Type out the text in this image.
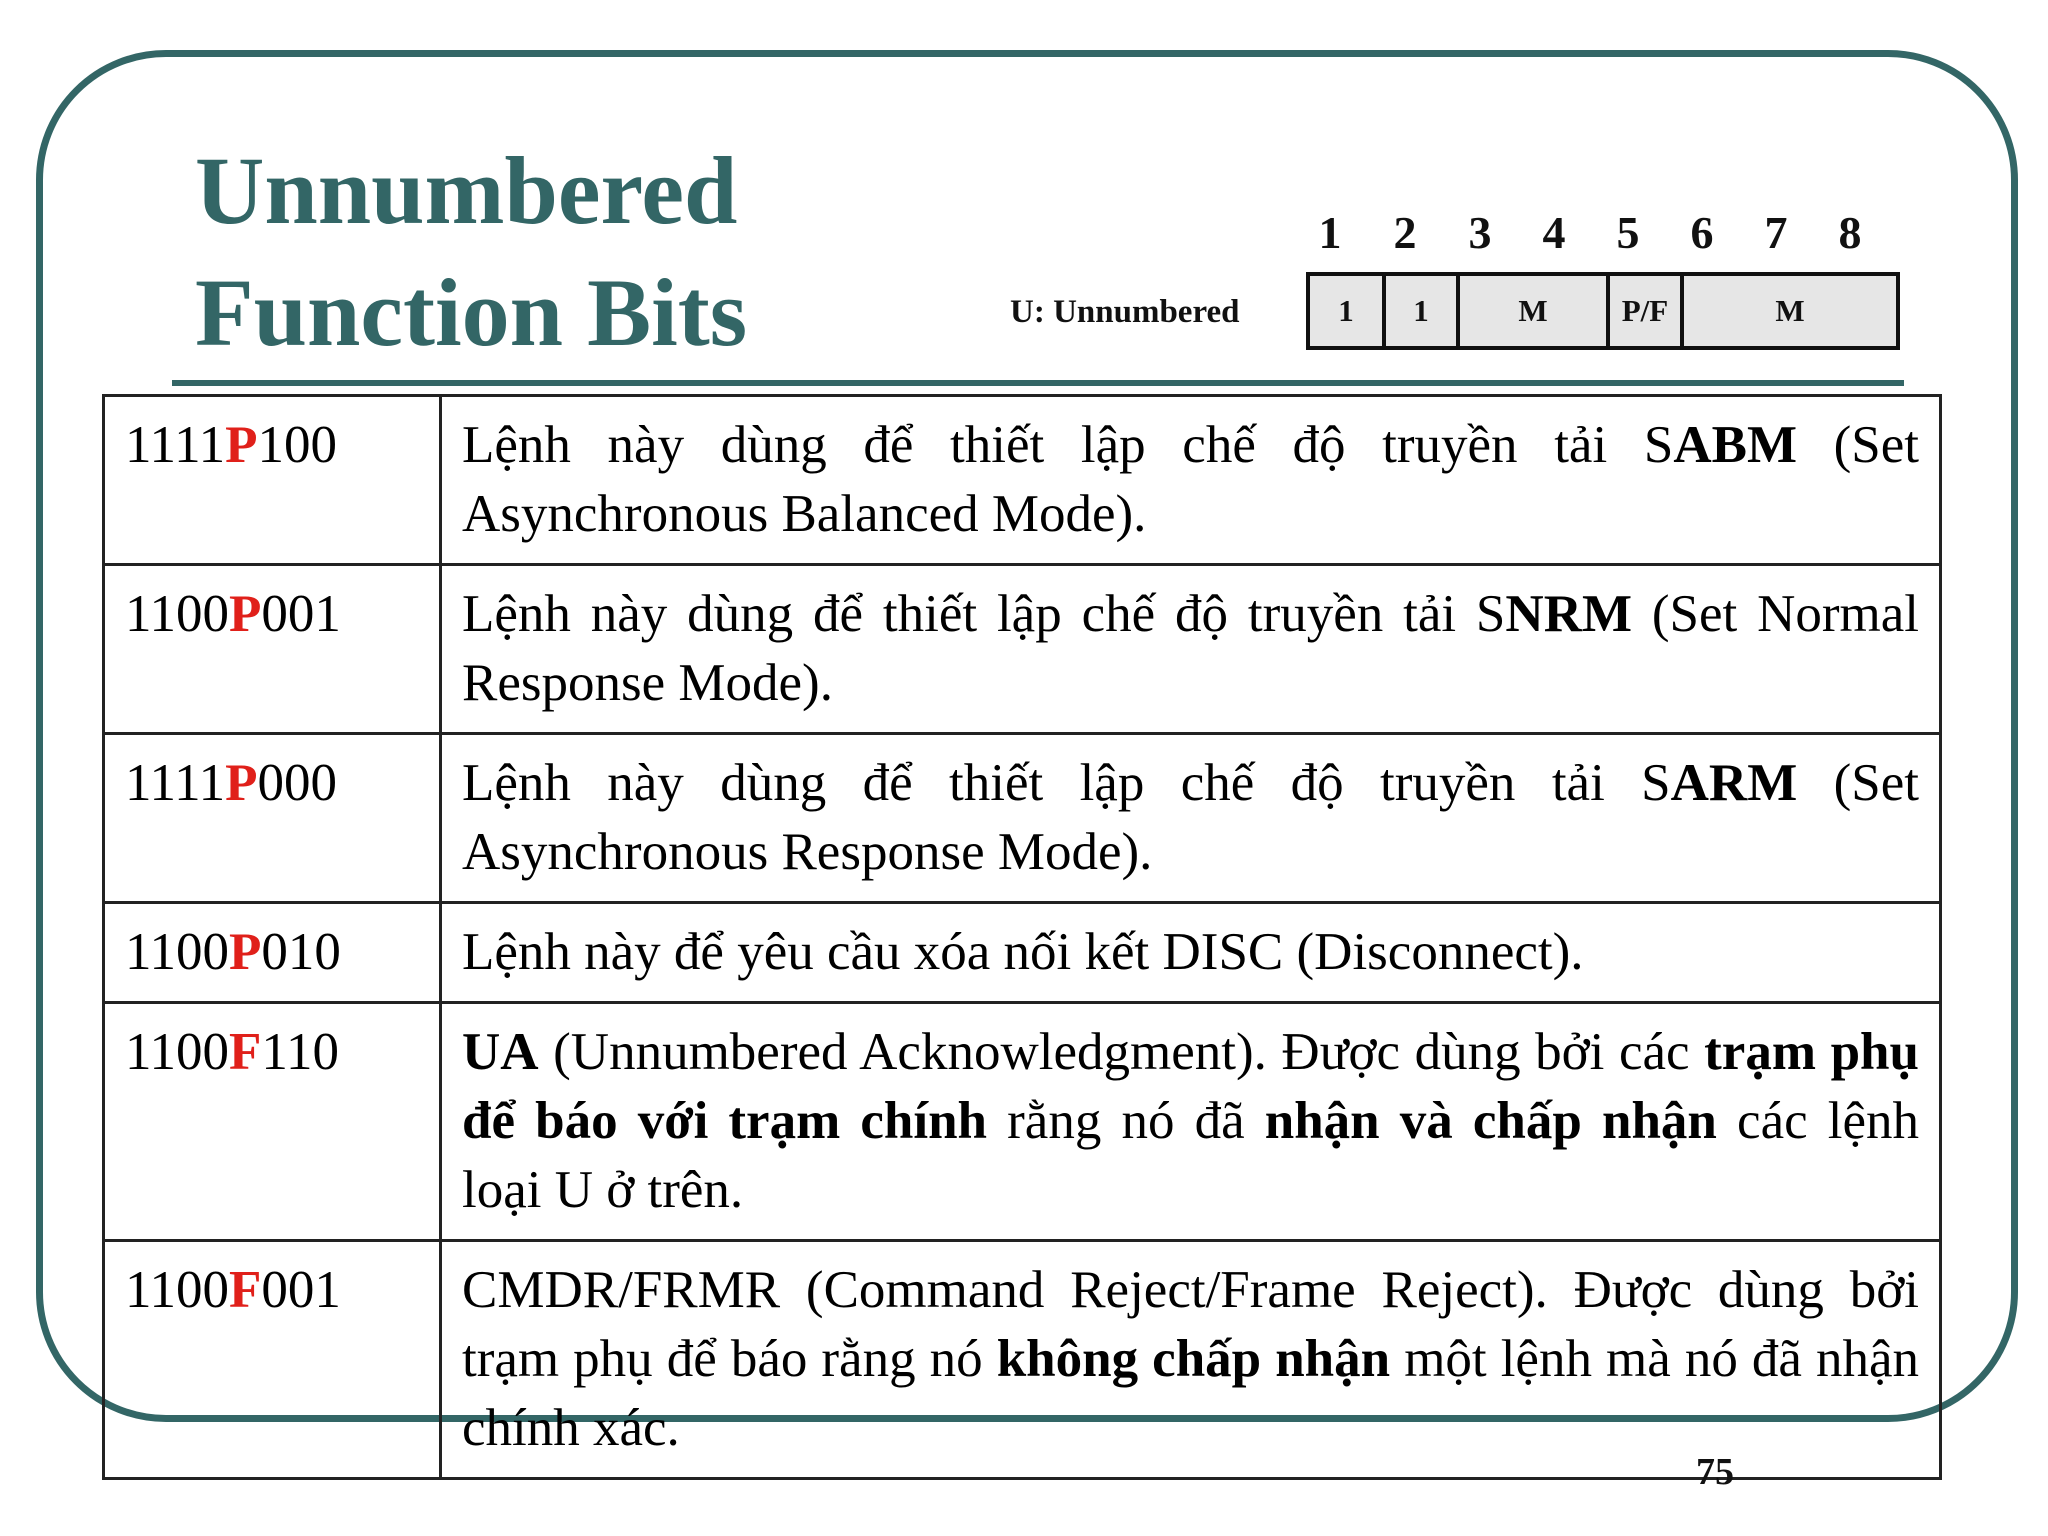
Unnumbered
Function Bits	U: Unnumbered
1 2 3 4 5 6 7 8
1	1	M	P/F	M
1111P100	Lệnh này dùng để thiết lập chế độ truyền tải SABM (Set Asynchronous Balanced Mode).
1100P001	Lệnh này dùng để thiết lập chế độ truyền tải SNRM (Set Normal Response Mode).
1111P000	Lệnh này dùng để thiết lập chế độ truyền tải SARM (Set Asynchronous Response Mode).
1100P010	Lệnh này để yêu cầu xóa nối kết DISC (Disconnect).
1100F110	UA (Unnumbered Acknowledgment). Được dùng bởi các trạm phụ để báo với trạm chính rằng nó đã nhận và chấp nhận các lệnh loại U ở trên.
1100F001	CMDR/FRMR (Command Reject/Frame Reject). Được dùng bởi trạm phụ để báo rằng nó không chấp nhận một lệnh mà nó đã nhận chính xác.
75
